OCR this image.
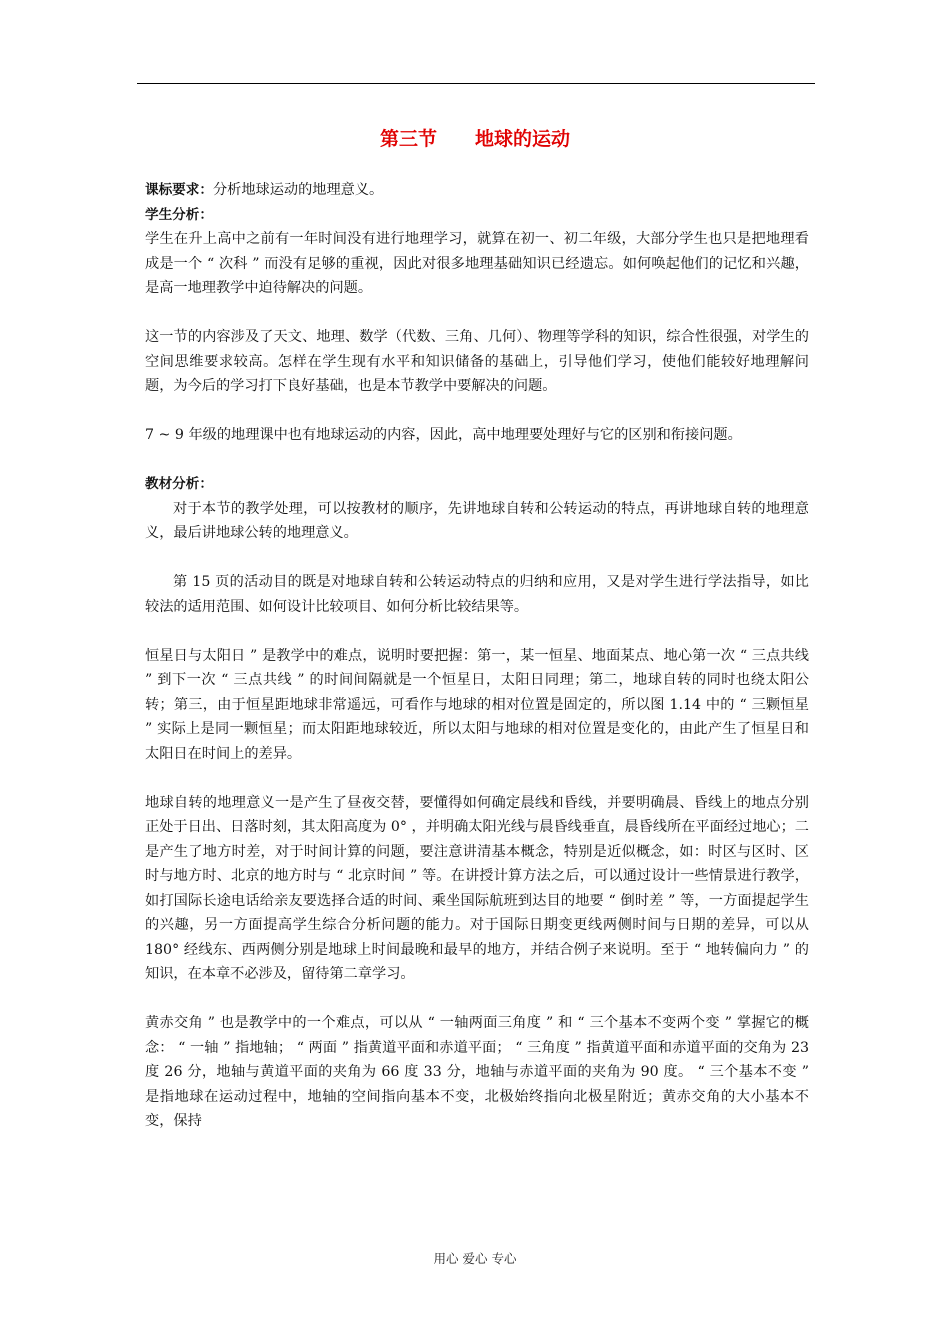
第三节　　地球的运动

课标要求：分析地球运动的地理意义。

学生分析：

学生在升上高中之前有一年时间没有进行地理学习，就算在初一、初二年级，大部分学生也只是把地理看成是一个 “ 次科 ” 而没有足够的重视，因此对很多地理基础知识已经遗忘。如何唤起他们的记忆和兴趣，是高一地理教学中迫待解决的问题。

这一节的内容涉及了天文、地理、数学（代数、三角、几何）、物理等学科的知识，综合性很强，对学生的空间思维要求较高。怎样在学生现有水平和知识储备的基础上，引导他们学习，使他们能较好地理解问题，为今后的学习打下良好基础，也是本节教学中要解决的问题。

7 ~ 9 年级的地理课中也有地球运动的内容，因此，高中地理要处理好与它的区别和衔接问题。

教材分析：

对于本节的教学处理，可以按教材的顺序，先讲地球自转和公转运动的特点，再讲地球自转的地理意义，最后讲地球公转的地理意义。

第 15 页的活动目的既是对地球自转和公转运动特点的归纳和应用，又是对学生进行学法指导，如比较法的适用范围、如何设计比较项目、如何分析比较结果等。

恒星日与太阳日 ” 是教学中的难点，说明时要把握：第一，某一恒星、地面某点、地心第一次 “ 三点共线 ” 到下一次 “ 三点共线 ” 的时间间隔就是一个恒星日，太阳日同理；第二，地球自转的同时也绕太阳公转；第三，由于恒星距地球非常遥远，可看作与地球的相对位置是固定的，所以图 1.14 中的 “ 三颗恒星 ” 实际上是同一颗恒星；而太阳距地球较近，所以太阳与地球的相对位置是变化的，由此产生了恒星日和太阳日在时间上的差异。

地球自转的地理意义一是产生了昼夜交替，要懂得如何确定晨线和昏线，并要明确晨、昏线上的地点分别正处于日出、日落时刻，其太阳高度为 0° ，并明确太阳光线与晨昏线垂直，晨昏线所在平面经过地心；二是产生了地方时差，对于时间计算的问题，要注意讲清基本概念，特别是近似概念，如：时区与区时、区时与地方时、北京的地方时与 “ 北京时间 ” 等。在讲授计算方法之后，可以通过设计一些情景进行教学，如打国际长途电话给亲友要选择合适的时间、乘坐国际航班到达目的地要 “ 倒时差 ” 等，一方面提起学生的兴趣，另一方面提高学生综合分析问题的能力。对于国际日期变更线两侧时间与日期的差异，可以从 180° 经线东、西两侧分别是地球上时间最晚和最早的地方，并结合例子来说明。至于 “ 地转偏向力 ” 的知识，在本章不必涉及，留待第二章学习。

黄赤交角 ” 也是教学中的一个难点，可以从 “ 一轴两面三角度 ” 和 “ 三个基本不变两个变 ” 掌握它的概念： “ 一轴 ” 指地轴； “ 两面 ” 指黄道平面和赤道平面； “ 三角度 ” 指黄道平面和赤道平面的交角为 23 度 26 分，地轴与黄道平面的夹角为 66 度 33 分，地轴与赤道平面的夹角为 90 度。 “ 三个基本不变 ” 是指地球在运动过程中，地轴的空间指向基本不变，北极始终指向北极星附近；黄赤交角的大小基本不变，保持

用心 爱心 专心
